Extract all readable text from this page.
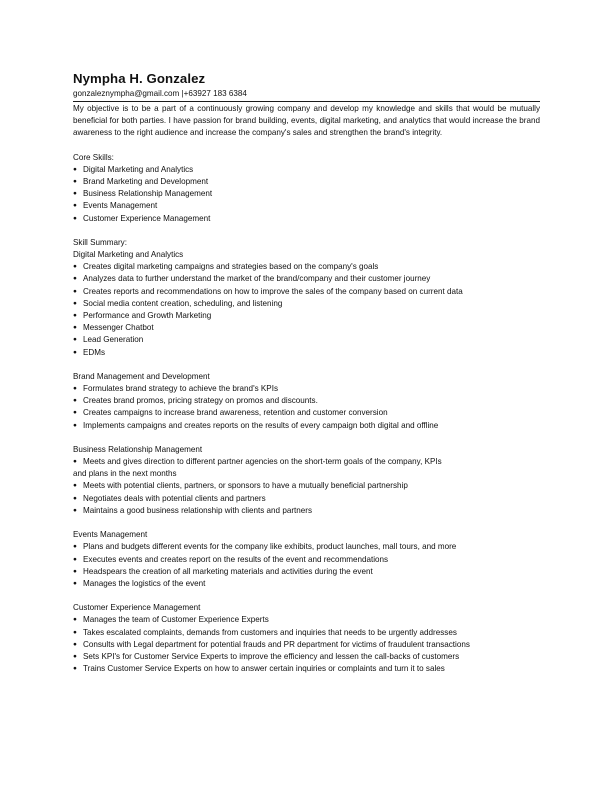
Nympha H. Gonzalez
gonzaleznympha@gmail.com |+63927 183 6384

My objective is to be a part of a continuously growing company and develop my knowledge and skills that would be mutually beneficial for both parties. I have passion for brand building, events, digital marketing, and analytics that would increase the brand awareness to the right audience and increase the company's sales and strengthen the brand's integrity.

Core Skills:
● Digital Marketing and Analytics
● Brand Marketing and Development
● Business Relationship Management
● Events Management
● Customer Experience Management
Skill Summary:
Digital Marketing and Analytics
● Creates digital marketing campaigns and strategies based on the company's goals
● Analyzes data to further understand the market of the brand/company and their customer journey
● Creates reports and recommendations on how to improve the sales of the company based on current data
● Social media content creation, scheduling, and listening
● Performance and Growth Marketing
● Messenger Chatbot
● Lead Generation
● EDMs
Brand Management and Development
● Formulates brand strategy to achieve the brand's KPIs
● Creates brand promos, pricing strategy on promos and discounts.
● Creates campaigns to increase brand awareness, retention and customer conversion
● Implements campaigns and creates reports on the results of every campaign both digital and offline
Business Relationship Management
● Meets and gives direction to different partner agencies on the short-term goals of the company, KPIs
and plans in the next months
● Meets with potential clients, partners, or sponsors to have a mutually beneficial partnership
● Negotiates deals with potential clients and partners
● Maintains a good business relationship with clients and partners
Events Management
● Plans and budgets different events for the company like exhibits, product launches, mall tours, and more
● Executes events and creates report on the results of the event and recommendations
● Headspears the creation of all marketing materials and activities during the event
● Manages the logistics of the event
Customer Experience Management
● Manages the team of Customer Experience Experts
● Takes escalated complaints, demands from customers and inquiries that needs to be urgently addresses
● Consults with Legal department for potential frauds and PR department for victims of fraudulent transactions
● Sets KPI's for Customer Service Experts to improve the efficiency and lessen the call-backs of customers
● Trains Customer Service Experts on how to answer certain inquiries or complaints and turn it to sales
